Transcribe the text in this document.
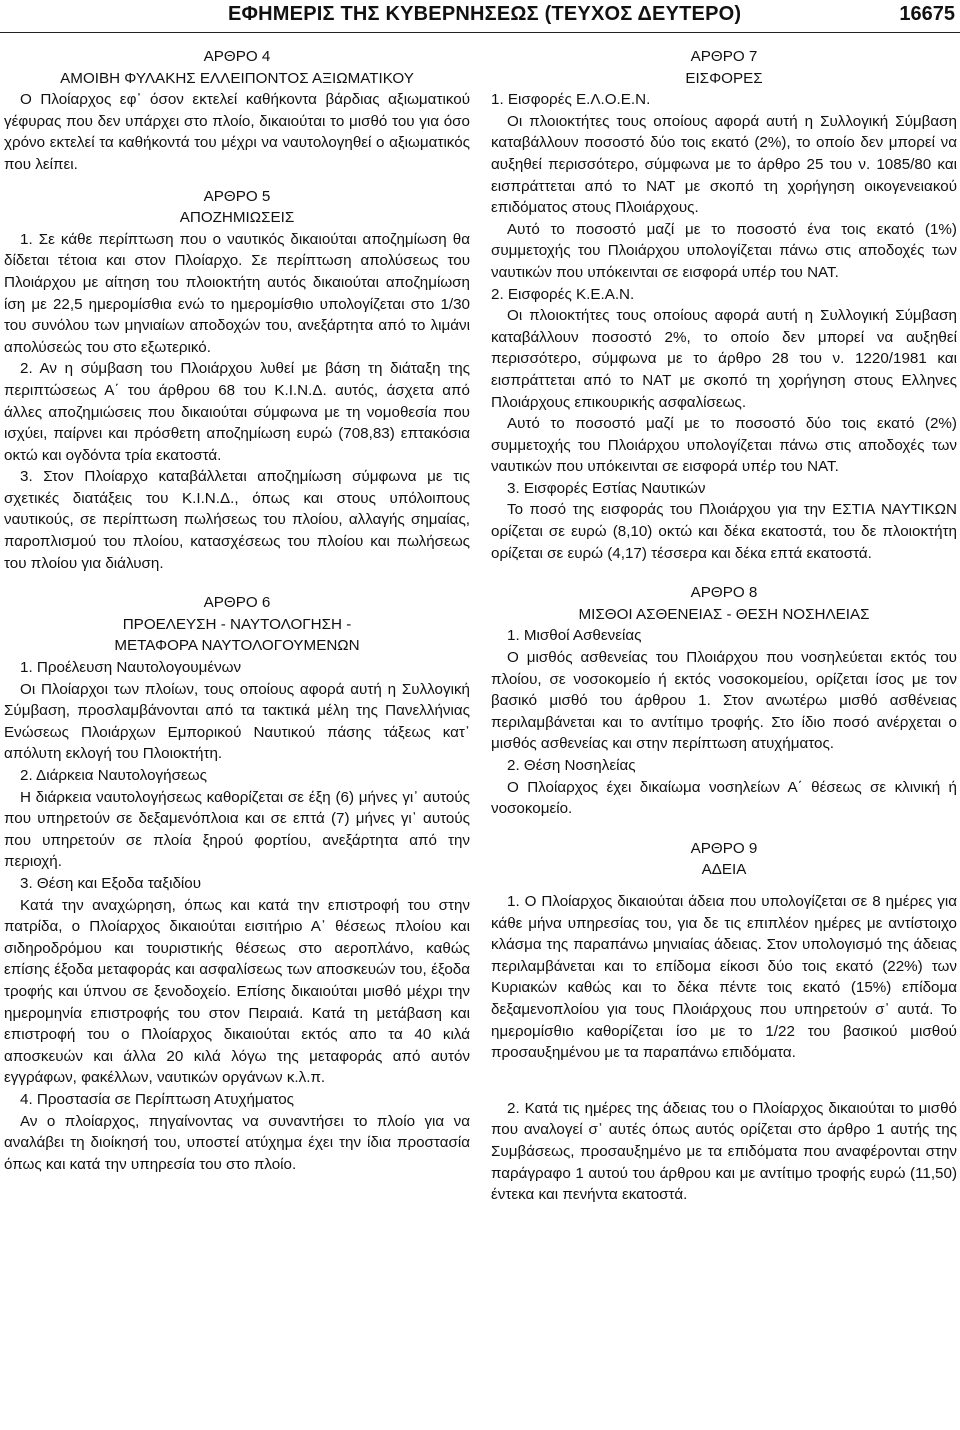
ΕΦΗΜΕΡΙΣ ΤΗΣ ΚΥΒΕΡΝΗΣΕΩΣ (ΤΕΥΧΟΣ ΔΕΥΤΕΡΟ)	16675

ΑΡΘΡΟ 4

ΑΜΟΙΒΗ ΦΥΛΑΚΗΣ ΕΛΛΕΙΠΟΝΤΟΣ ΑΞΙΩΜΑΤΙΚΟΥ

Ο Πλοίαρχος εφ᾽ όσον εκτελεί καθήκοντα βάρδιας αξιωματικού γέφυρας που δεν υπάρχει στο πλοίο, δικαιούται το μισθό του για όσο χρόνο εκτελεί τα καθήκοντά του μέχρι να ναυτολογηθεί ο αξιωματικός που λείπει.

ΑΡΘΡΟ 5

ΑΠΟΖΗΜΙΩΣΕΙΣ

1. Σε κάθε περίπτωση που ο ναυτικός δικαιούται αποζημίωση θα δίδεται τέτοια και στον Πλοίαρχο. Σε περίπτωση απολύσεως του Πλοιάρχου με αίτηση του πλοιοκτήτη αυτός δικαιούται αποζημίωση ίση με 22,5 ημερομίσθια ενώ το ημερομίσθιο υπολογίζεται στο 1/30 του συνόλου των μηνιαίων αποδοχών του, ανεξάρτητα από το λιμάνι απολύσεώς του στο εξωτερικό.

2. Αν η σύμβαση του Πλοιάρχου λυθεί με βάση τη διάταξη της περιπτώσεως Α΄ του άρθρου 68 του Κ.Ι.Ν.Δ. αυτός, άσχετα από άλλες αποζημιώσεις που δικαιούται σύμφωνα με τη νομοθεσία που ισχύει, παίρνει και πρόσθετη αποζημίωση ευρώ (708,83) επτακόσια οκτώ και ογδόντα τρία εκατοστά.

3. Στον Πλοίαρχο καταβάλλεται αποζημίωση σύμφωνα με τις σχετικές διατάξεις του Κ.Ι.Ν.Δ., όπως και στους υπόλοιπους ναυτικούς, σε περίπτωση πωλήσεως του πλοίου, αλλαγής σημαίας, παροπλισμού του πλοίου, κατασχέσεως του πλοίου και πωλήσεως του πλοίου για διάλυση.

ΑΡΘΡΟ 6

ΠΡΟΕΛΕΥΣΗ - ΝΑΥΤΟΛΟΓΗΣΗ -

ΜΕΤΑΦΟΡΑ ΝΑΥΤΟΛΟΓΟΥΜΕΝΩΝ

1. Προέλευση Ναυτολογουμένων

Οι Πλοίαρχοι των πλοίων, τους οποίους αφορά αυτή η Συλλογική Σύμβαση, προσλαμβάνονται από τα τακτικά μέλη της Πανελλήνιας Ενώσεως Πλοιάρχων Εμπορικού Ναυτικού πάσης τάξεως κατ᾽ απόλυτη εκλογή του Πλοιοκτήτη.

2. Διάρκεια Ναυτολογήσεως

Η διάρκεια ναυτολογήσεως καθορίζεται σε έξη (6) μήνες γι᾽ αυτούς που υπηρετούν σε δεξαμενόπλοια και σε επτά (7) μήνες γι᾽ αυτούς που υπηρετούν σε πλοία ξηρού φορτίου, ανεξάρτητα από την περιοχή.

3. Θέση και Εξοδα ταξιδίου

Κατά την αναχώρηση, όπως και κατά την επιστροφή του στην πατρίδα, ο Πλοίαρχος δικαιούται εισιτήριο Α᾽ θέσεως πλοίου και σιδηροδρόμου και τουριστικής θέσεως στο αεροπλάνο, καθώς επίσης έξοδα μεταφοράς και ασφαλίσεως των αποσκευών του, έξοδα τροφής και ύπνου σε ξενοδοχείο. Επίσης δικαιούται μισθό μέχρι την ημερομηνία επιστροφής του στον Πειραιά. Κατά τη μετάβαση και επιστροφή του ο Πλοίαρχος δικαιούται εκτός απο τα 40 κιλά αποσκευών και άλλα 20 κιλά λόγω της μεταφοράς από αυτόν εγγράφων, φακέλλων, ναυτικών οργάνων κ.λ.π.

4. Προστασία σε Περίπτωση Ατυχήματος

Αν ο πλοίαρχος, πηγαίνοντας να συναντήσει το πλοίο για να αναλάβει τη διοίκησή του, υποστεί ατύχημα έχει την ίδια προστασία όπως και κατά την υπηρεσία του στο πλοίο.

ΑΡΘΡΟ 7

ΕΙΣΦΟΡΕΣ

1. Εισφορές Ε.Λ.Ο.Ε.Ν.

Οι πλοιοκτήτες τους οποίους αφορά αυτή η Συλλογική Σύμβαση καταβάλλουν ποσοστό δύο τοις εκατό (2%), το οποίο δεν μπορεί να αυξηθεί περισσότερο, σύμφωνα με το άρθρο 25 του ν. 1085/80 και εισπράττεται από το ΝΑΤ με σκοπό τη χορήγηση οικογενειακού επιδόματος στους Πλοιάρχους.

Αυτό το ποσοστό μαζί με το ποσοστό ένα τοις εκατό (1%) συμμετοχής του Πλοιάρχου υπολογίζεται πάνω στις αποδοχές των ναυτικών που υπόκεινται σε εισφορά υπέρ του ΝΑΤ.

2. Εισφορές Κ.Ε.Α.Ν.

Οι πλοιοκτήτες τους οποίους αφορά αυτή η Συλλογική Σύμβαση καταβάλλουν ποσοστό 2%, το οποίο δεν μπορεί να αυξηθεί περισσότερο, σύμφωνα με το άρθρο 28 του ν. 1220/1981 και εισπράττεται από το ΝΑΤ με σκοπό τη χορήγηση στους Ελληνες Πλοιάρχους επικουρικής ασφαλίσεως.

Αυτό το ποσοστό μαζί με το ποσοστό δύο τοις εκατό (2%) συμμετοχής του Πλοιάρχου υπολογίζεται πάνω στις αποδοχές των ναυτικών που υπόκεινται σε εισφορά υπέρ του ΝΑΤ.

3. Εισφορές Εστίας Ναυτικών

Το ποσό της εισφοράς του Πλοιάρχου για την ΕΣΤΙΑ ΝΑΥΤΙΚΩΝ ορίζεται σε ευρώ (8,10) οκτώ και δέκα εκατοστά, του δε πλοιοκτήτη ορίζεται σε ευρώ (4,17) τέσσερα και δέκα επτά εκατοστά.

ΑΡΘΡΟ 8

ΜΙΣΘΟΙ ΑΣΘΕΝΕΙΑΣ - ΘΕΣΗ ΝΟΣΗΛΕΙΑΣ

1. Μισθοί Ασθενείας

Ο μισθός ασθενείας του Πλοιάρχου που νοσηλεύεται εκτός του πλοίου, σε νοσοκομείο ή εκτός νοσοκομείου, ορίζεται ίσος με τον βασικό μισθό του άρθρου 1. Στον ανωτέρω μισθό ασθένειας περιλαμβάνεται και το αντίτιμο τροφής. Στο ίδιο ποσό ανέρχεται ο μισθός ασθενείας και στην περίπτωση ατυχήματος.

2. Θέση Νοσηλείας

Ο Πλοίαρχος έχει δικαίωμα νοσηλείων Α΄ θέσεως σε κλινική ή νοσοκομείο.

ΑΡΘΡΟ 9

ΑΔΕΙΑ

1. Ο Πλοίαρχος δικαιούται άδεια που υπολογίζεται σε 8 ημέρες για κάθε μήνα υπηρεσίας του, για δε τις επιπλέον ημέρες με αντίστοιχο κλάσμα της παραπάνω μηνιαίας άδειας. Στον υπολογισμό της άδειας περιλαμβάνεται και το επίδομα είκοσι δύο τοις εκατό (22%) των Κυριακών καθώς και το δέκα πέντε τοις εκατό (15%) επίδομα δεξαμενοπλοίου για τους Πλοιάρχους που υπηρετούν σ᾽ αυτά. Το ημερομίσθιο καθορίζεται ίσο με το 1/22 του βασικού μισθού προσαυξημένου με τα παραπάνω επιδόματα.

2. Κατά τις ημέρες της άδειας του ο Πλοίαρχος δικαιούται το μισθό που αναλογεί σ᾽ αυτές όπως αυτός ορίζεται στο άρθρο 1 αυτής της Συμβάσεως, προσαυξημένο με τα επιδόματα που αναφέρονται στην παράγραφο 1 αυτού του άρθρου και με αντίτιμο τροφής ευρώ (11,50) έντεκα και πενήντα εκατοστά.
